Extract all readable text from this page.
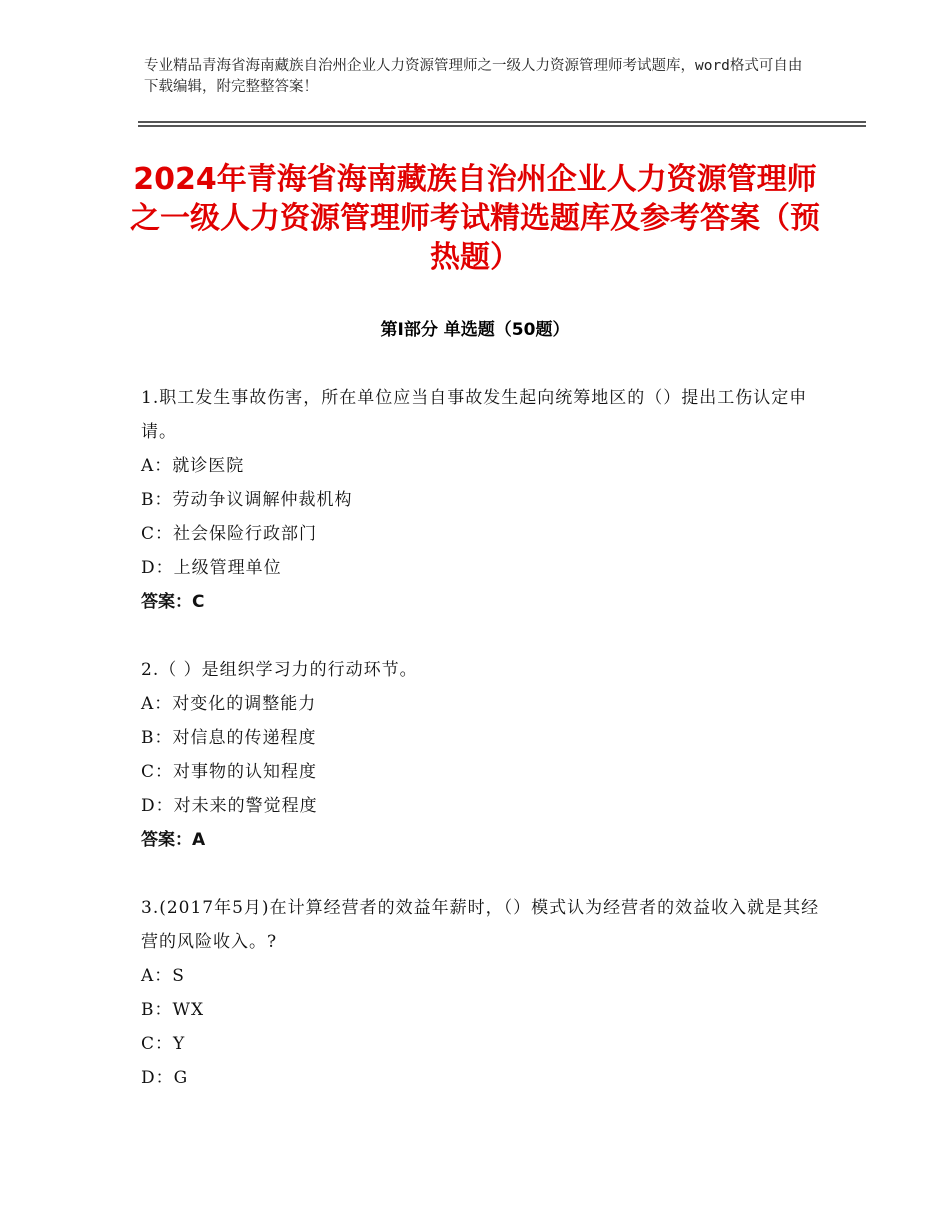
专业精品青海省海南藏族自治州企业人力资源管理师之一级人力资源管理师考试题库，word格式可自由下载编辑，附完整整答案！
2024年青海省海南藏族自治州企业人力资源管理师之一级人力资源管理师考试精选题库及参考答案（预热题）
第Ⅰ部分 单选题（50题）
1.职工发生事故伤害，所在单位应当自事故发生起向统筹地区的（）提出工伤认定申请。
A：就诊医院
B：劳动争议调解仲裁机构
C：社会保险行政部门
D：上级管理单位
答案：C
2.（ ）是组织学习力的行动环节。
A：对变化的调整能力
B：对信息的传递程度
C：对事物的认知程度
D：对未来的警觉程度
答案：A
3.(2017年5月)在计算经营者的效益年薪时，（）模式认为经营者的效益收入就是其经营的风险收入。?
A：S
B：WX
C：Y
D：G
